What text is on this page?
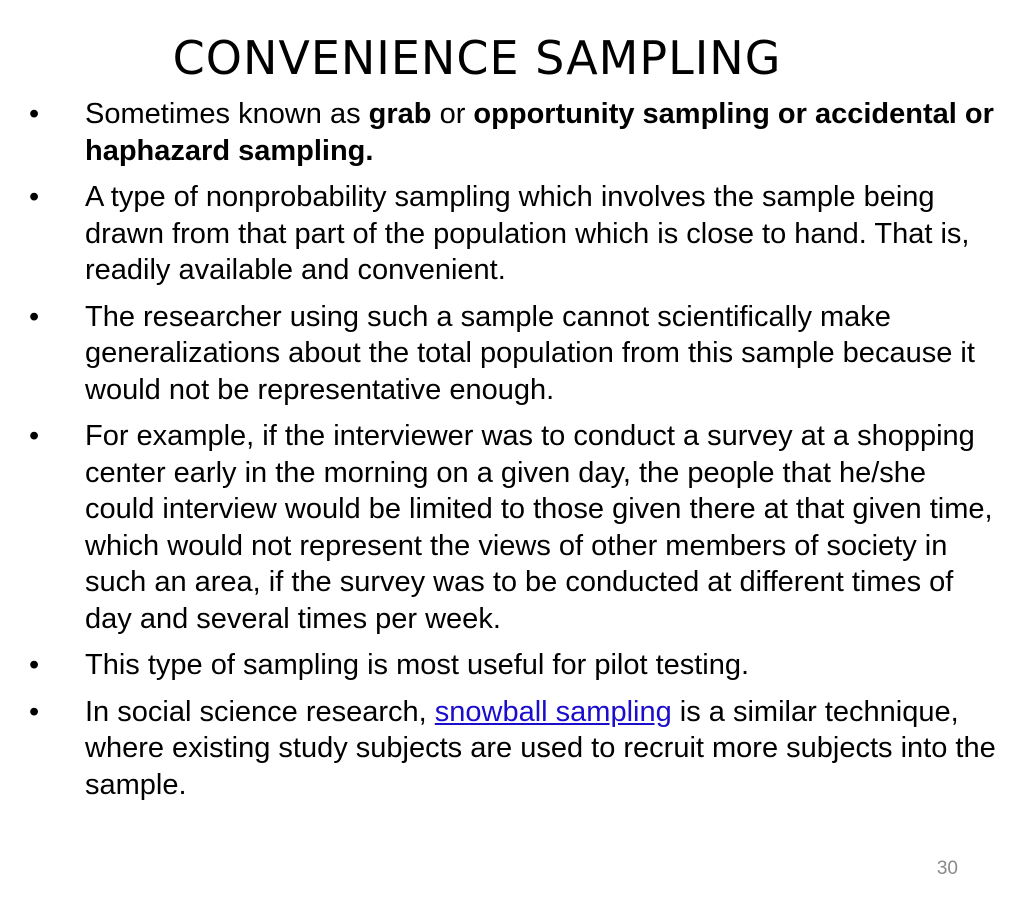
CONVENIENCE SAMPLING
• Sometimes known as grab or opportunity sampling or accidental or haphazard sampling.
• A type of nonprobability sampling which involves the sample being drawn from that part of the population which is close to hand. That is, readily available and convenient.
• The researcher using such a sample cannot scientifically make generalizations about the total population from this sample because it would not be representative enough.
• For example, if the interviewer was to conduct a survey at a shopping center early in the morning on a given day, the people that he/she could interview would be limited to those given there at that given time, which would not represent the views of other members of society in such an area, if the survey was to be conducted at different times of day and several times per week.
• This type of sampling is most useful for pilot testing.
• In social science research, snowball sampling is a similar technique, where existing study subjects are used to recruit more subjects into the sample.
30
